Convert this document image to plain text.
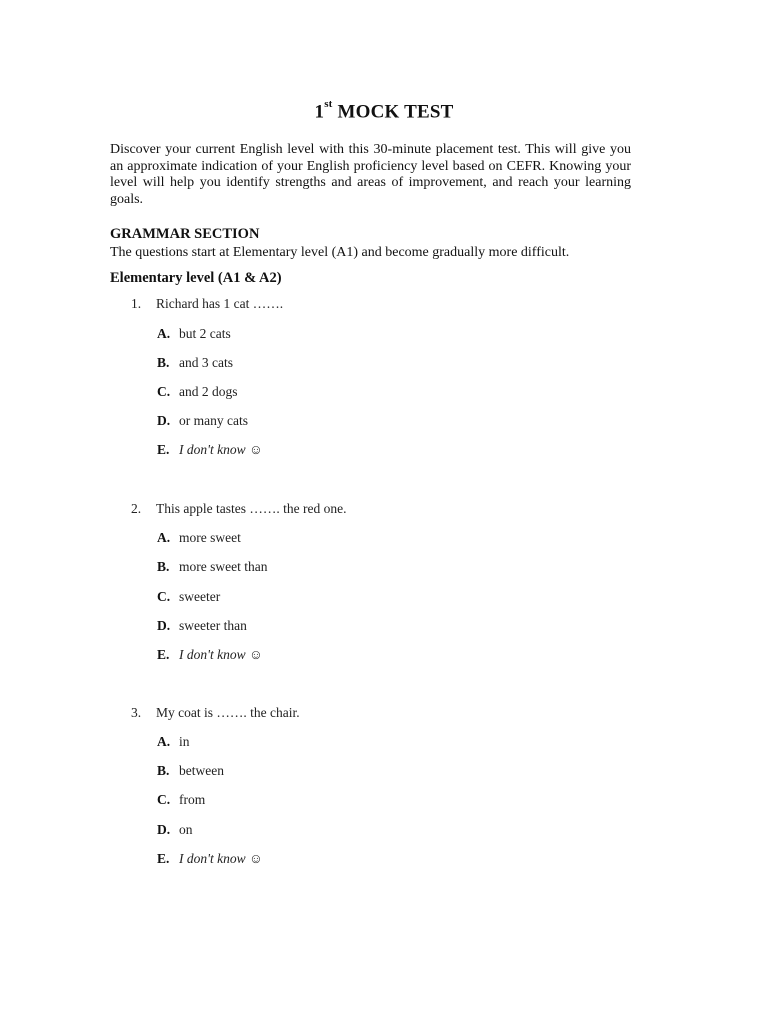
1st MOCK TEST

Discover your current English level with this 30-minute placement test. This will give you an approximate indication of your English proficiency level based on CEFR. Knowing your level will help you identify strengths and areas of improvement, and reach your learning goals.

GRAMMAR SECTION

The questions start at Elementary level (A1) and become gradually more difficult.

Elementary level (A1 & A2)
1. Richard has 1 cat …….
A. but 2 cats
B. and 3 cats
C. and 2 dogs
D. or many cats
E. I don't know ☺
2. This apple tastes ……. the red one.
A. more sweet
B. more sweet than
C. sweeter
D. sweeter than
E. I don't know ☺
3. My coat is ……. the chair.
A. in
B. between
C. from
D. on
E. I don't know ☺
